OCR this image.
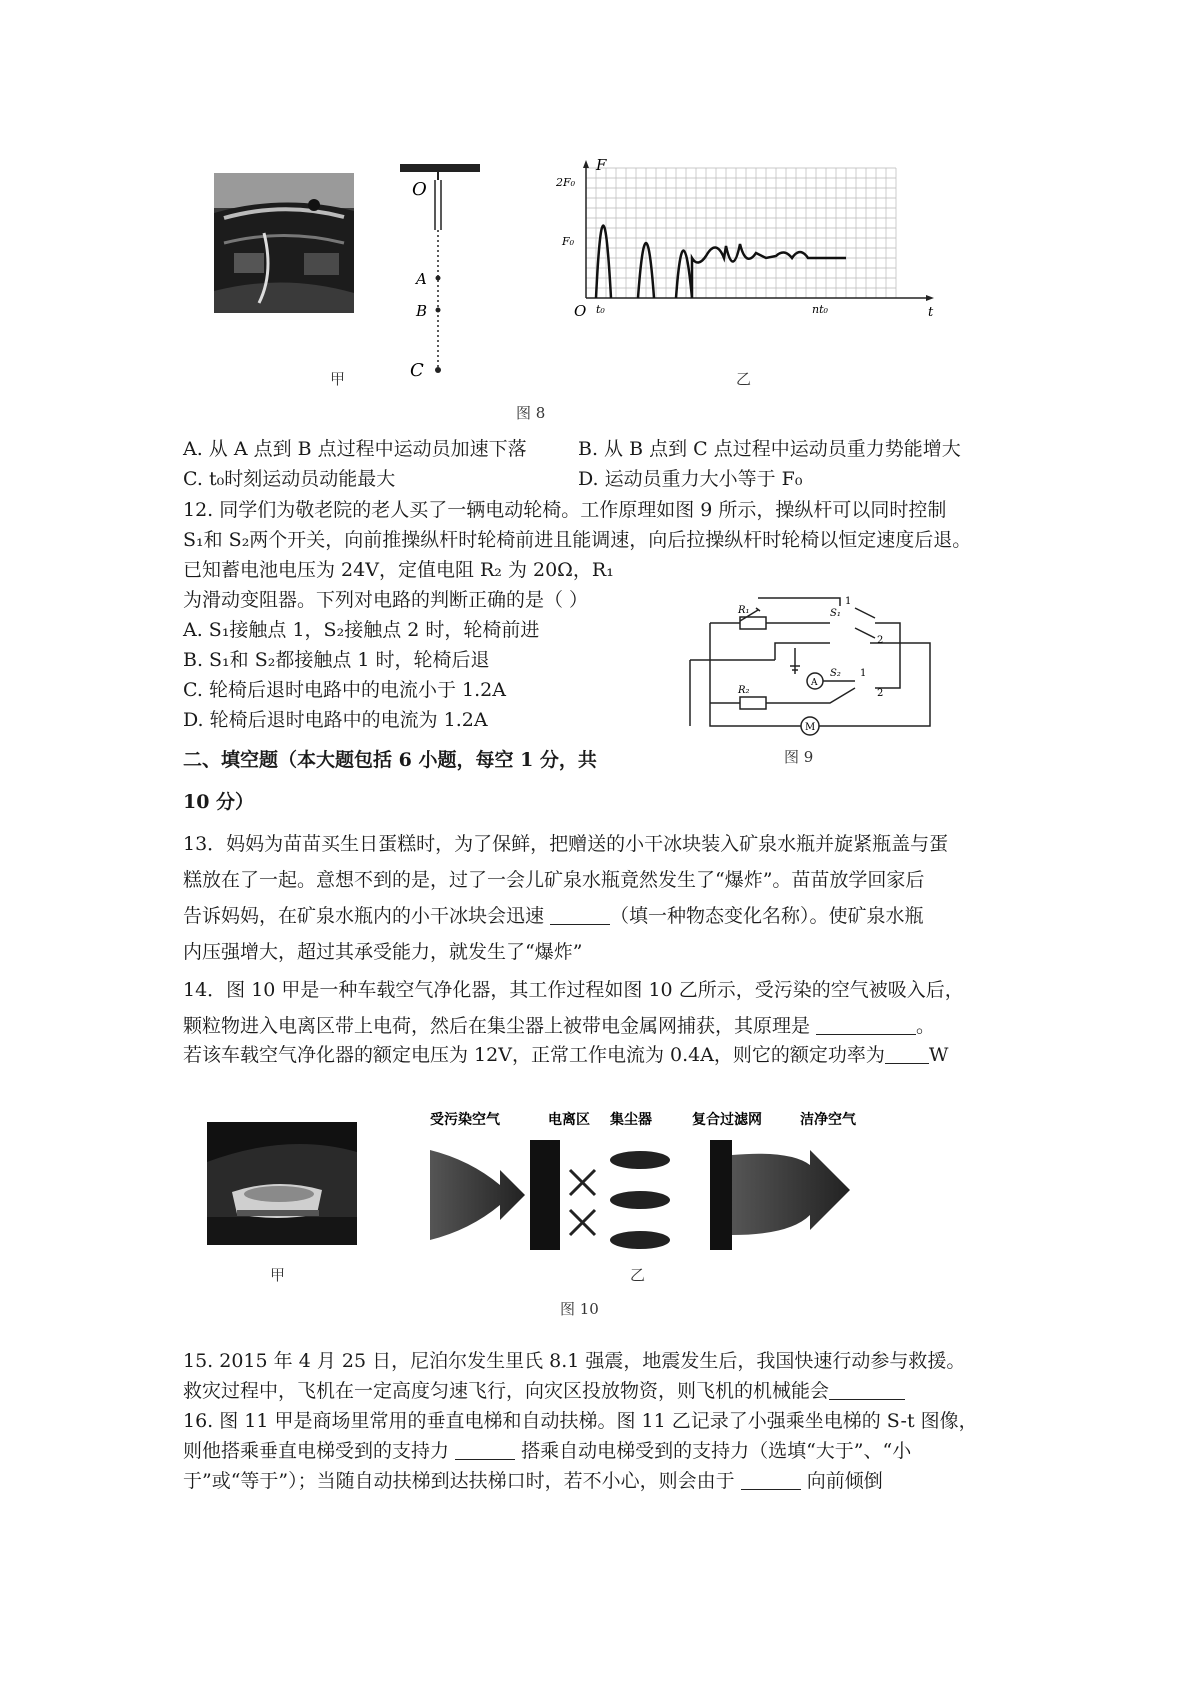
O
A
B
C
F
t
O
2F₀
F₀
t₀	nt₀
甲	乙
图 8
A. 从 A 点到 B 点过程中运动员加速下落	B. 从 B 点到 C 点过程中运动员重力势能增大
C. t₀时刻运动员动能最大	D. 运动员重力大小等于 F₀
12. 同学们为敬老院的老人买了一辆电动轮椅。工作原理如图 9 所示，操纵杆可以同时控制
S₁和 S₂两个开关，向前推操纵杆时轮椅前进且能调速，向后拉操纵杆时轮椅以恒定速度后退。
已知蓄电池电压为 24V，定值电阻 R₂ 为 20Ω，R₁
为滑动变阻器。下列对电路的判断正确的是（ ）
A. S₁接触点 1，S₂接触点 2 时，轮椅前进
B. S₁和 S₂都接触点 1 时，轮椅后退
C. 轮椅后退时电路中的电流小于 1.2A
D. 轮椅后退时电路中的电流为 1.2A
R₁
R₂
S₁
S₂
A
M
1
2
1
2
图 9
二、填空题（本大题包括 6 小题，每空 1 分，共
10 分）
13．妈妈为苗苗买生日蛋糕时，为了保鲜，把赠送的小干冰块装入矿泉水瓶并旋紧瓶盖与蛋
糕放在了一起。意想不到的是，过了一会儿矿泉水瓶竟然发生了“爆炸”。苗苗放学回家后
告诉妈妈，在矿泉水瓶内的小干冰块会迅速	（填一种物态变化名称）。使矿泉水瓶
内压强增大，超过其承受能力，就发生了“爆炸”
14．图 10 甲是一种车载空气净化器，其工作过程如图 10 乙所示，受污染的空气被吸入后，
颗粒物进入电离区带上电荷，然后在集尘器上被带电金属网捕获，其原理是	。
若该车载空气净化器的额定电压为 12V，正常工作电流为 0.4A，则它的额定功率为 W
受污染空气	电离区 集尘器	复合过滤网	洁净空气
甲	乙
图 10
15. 2015 年 4 月 25 日，尼泊尔发生里氏 8.1 强震，地震发生后，我国快速行动参与救援。
救灾过程中，飞机在一定高度匀速飞行，向灾区投放物资，则飞机的机械能会
16. 图 11 甲是商场里常用的垂直电梯和自动扶梯。图 11 乙记录了小强乘坐电梯的 S-t 图像，
则他搭乘垂直电梯受到的支持力	搭乘自动电梯受到的支持力（选填“大于”、“小
于”或“等于”）；当随自动扶梯到达扶梯口时，若不小心，则会由于	向前倾倒
